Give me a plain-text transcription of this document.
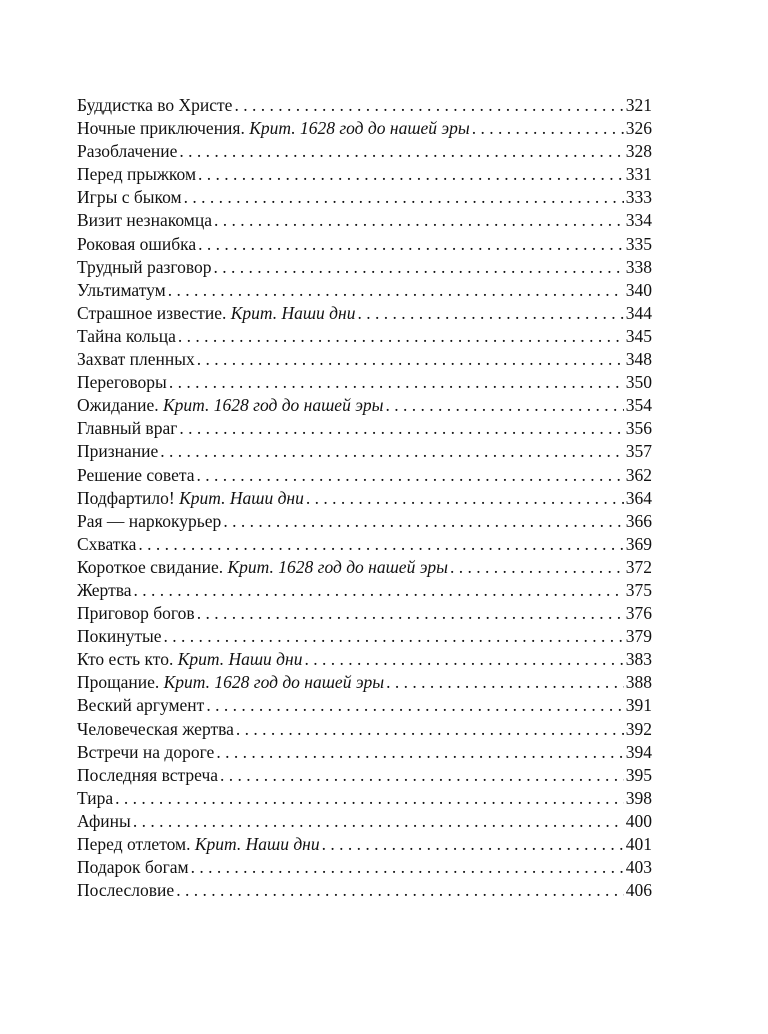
Буддистка во Христе . . .	321
Ночные приключения. Крит. 1628 год до нашей эры . . .	326
Разоблачение . . .	328
Перед прыжком . . .	331
Игры с быком . . .	333
Визит незнакомца . . .	334
Роковая ошибка . . .	335
Трудный разговор . . .	338
Ультиматум . . .	340
Страшное известие. Крит. Наши дни . . .	344
Тайна кольца . . .	345
Захват пленных . . .	348
Переговоры . . .	350
Ожидание. Крит. 1628 год до нашей эры . . .	354
Главный враг . . .	356
Признание . . .	357
Решение совета . . .	362
Подфартило! Крит. Наши дни . . .	364
Рая — наркокурьер . . .	366
Схватка . . .	369
Короткое свидание. Крит. 1628 год до нашей эры . . .	372
Жертва . . .	375
Приговор богов . . .	376
Покинутые . . .	379
Кто есть кто. Крит. Наши дни . . .	383
Прощание. Крит. 1628 год до нашей эры . . .	388
Веский аргумент . . .	391
Человеческая жертва . . .	392
Встречи на дороге . . .	394
Последняя встреча . . .	395
Тира . . .	398
Афины . . .	400
Перед отлетом. Крит. Наши дни . . .	401
Подарок богам . . .	403
Послесловие . . .	406
